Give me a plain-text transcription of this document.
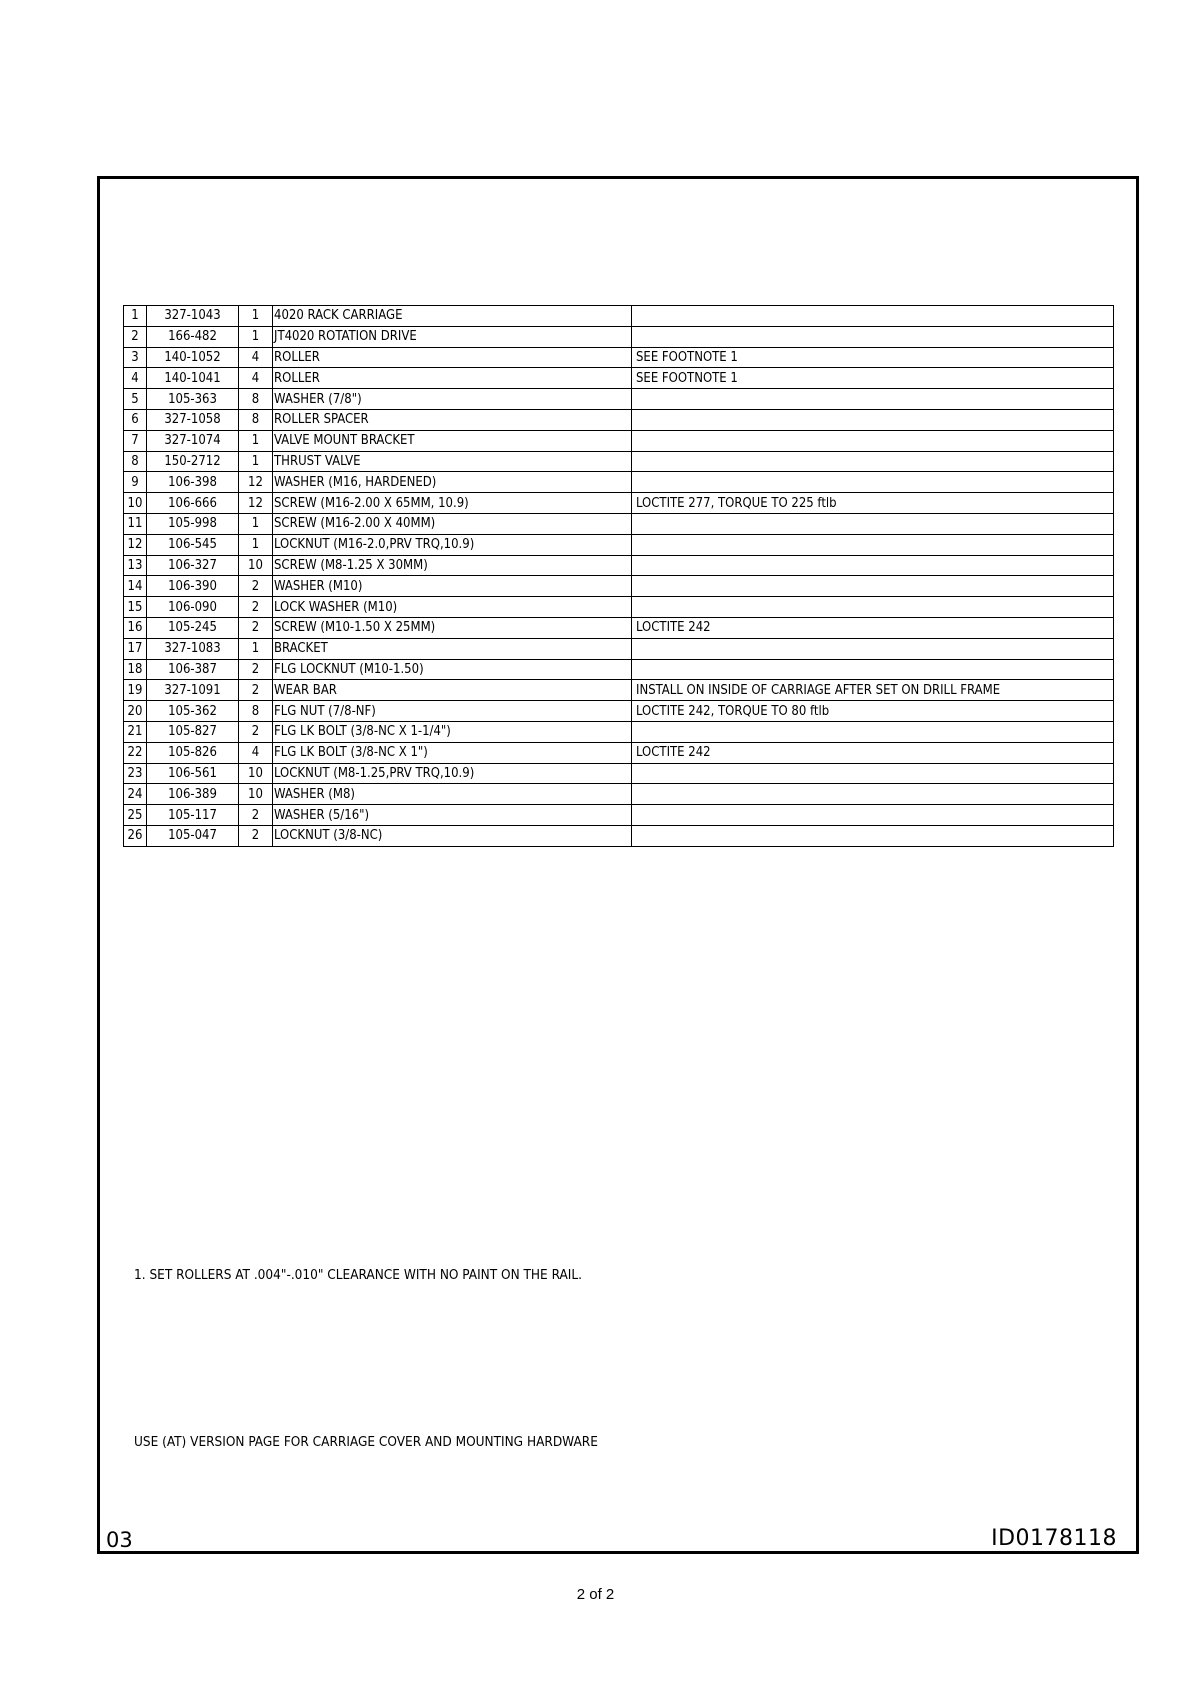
1	327-1043	1	4020 RACK CARRIAGE	
2	166-482	1	JT4020 ROTATION DRIVE	
3	140-1052	4	ROLLER	SEE FOOTNOTE 1
4	140-1041	4	ROLLER	SEE FOOTNOTE 1
5	105-363	8	WASHER (7/8")	
6	327-1058	8	ROLLER SPACER	
7	327-1074	1	VALVE MOUNT BRACKET	
8	150-2712	1	THRUST VALVE	
9	106-398	12	WASHER (M16, HARDENED)	
10	106-666	12	SCREW (M16-2.00 X 65MM, 10.9)	LOCTITE 277, TORQUE TO 225 ftlb
11	105-998	1	SCREW (M16-2.00 X 40MM)	
12	106-545	1	LOCKNUT (M16-2.0,PRV TRQ,10.9)	
13	106-327	10	SCREW (M8-1.25 X 30MM)	
14	106-390	2	WASHER (M10)	
15	106-090	2	LOCK WASHER (M10)	
16	105-245	2	SCREW (M10-1.50 X 25MM)	LOCTITE 242
17	327-1083	1	BRACKET	
18	106-387	2	FLG LOCKNUT (M10-1.50)	
19	327-1091	2	WEAR BAR	INSTALL ON INSIDE OF CARRIAGE AFTER SET ON DRILL FRAME
20	105-362	8	FLG NUT (7/8-NF)	LOCTITE 242, TORQUE TO 80 ftlb
21	105-827	2	FLG LK BOLT (3/8-NC X 1-1/4")	
22	105-826	4	FLG LK BOLT (3/8-NC X 1")	LOCTITE 242
23	106-561	10	LOCKNUT (M8-1.25,PRV TRQ,10.9)	
24	106-389	10	WASHER (M8)	
25	105-117	2	WASHER (5/16")	
26	105-047	2	LOCKNUT (3/8-NC)	
1. SET ROLLERS AT .004"-.010" CLEARANCE WITH NO PAINT ON THE RAIL.
USE (AT) VERSION PAGE FOR CARRIAGE COVER AND MOUNTING HARDWARE
03	ID0178118
2 of 2
